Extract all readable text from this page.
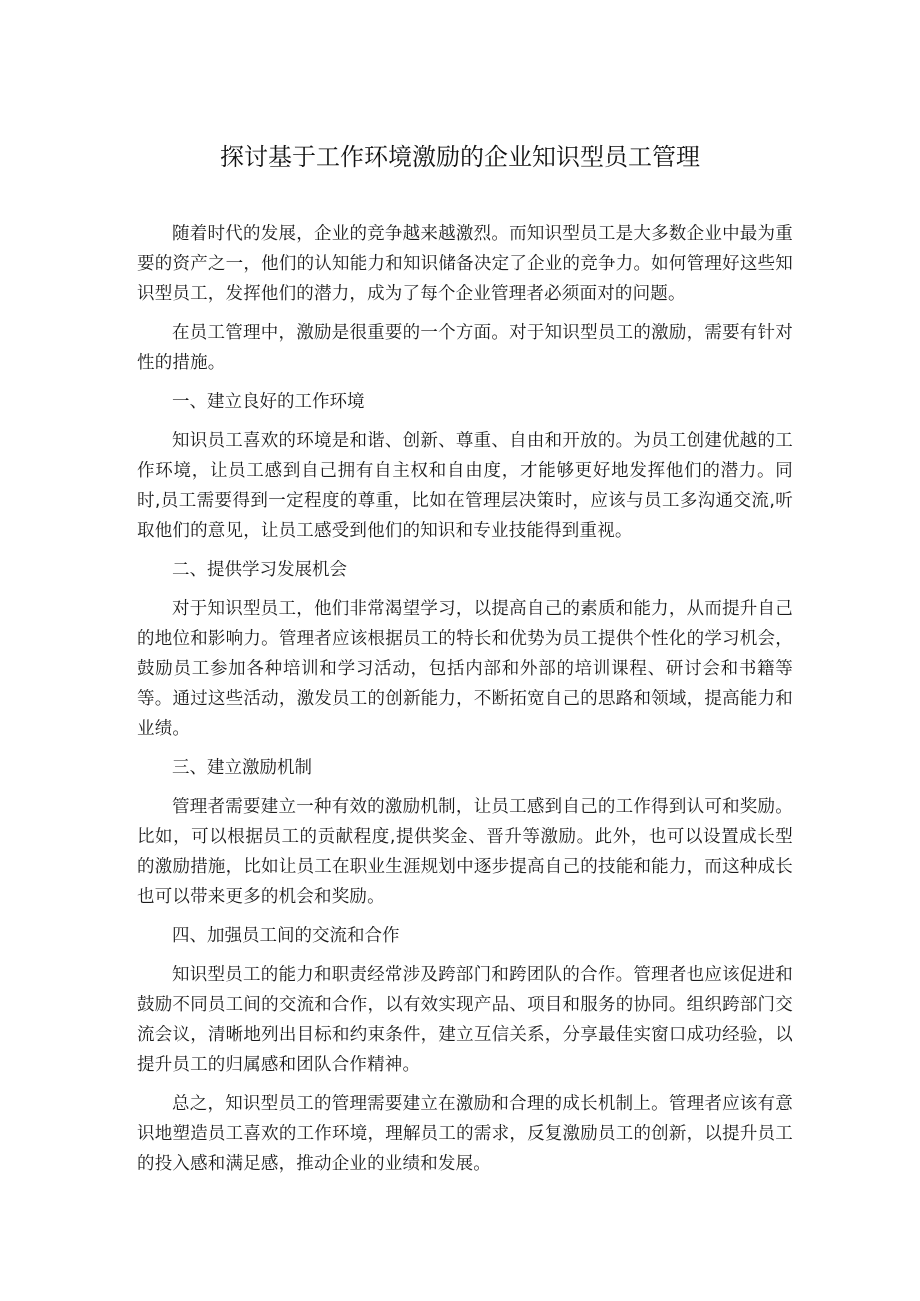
探讨基于工作环境激励的企业知识型员工管理

随着时代的发展，企业的竞争越来越激烈。而知识型员工是大多数企业中最为重要的资产之一，他们的认知能力和知识储备决定了企业的竞争力。如何管理好这些知识型员工，发挥他们的潜力，成为了每个企业管理者必须面对的问题。

在员工管理中，激励是很重要的一个方面。对于知识型员工的激励，需要有针对性的措施。

一、建立良好的工作环境

知识员工喜欢的环境是和谐、创新、尊重、自由和开放的。为员工创建优越的工作环境，让员工感到自己拥有自主权和自由度，才能够更好地发挥他们的潜力。同时,员工需要得到一定程度的尊重，比如在管理层决策时，应该与员工多沟通交流,听取他们的意见，让员工感受到他们的知识和专业技能得到重视。

二、提供学习发展机会

对于知识型员工，他们非常渴望学习，以提高自己的素质和能力，从而提升自己的地位和影响力。管理者应该根据员工的特长和优势为员工提供个性化的学习机会，鼓励员工参加各种培训和学习活动，包括内部和外部的培训课程、研讨会和书籍等等。通过这些活动，激发员工的创新能力，不断拓宽自己的思路和领域，提高能力和业绩。

三、建立激励机制

管理者需要建立一种有效的激励机制，让员工感到自己的工作得到认可和奖励。比如，可以根据员工的贡献程度,提供奖金、晋升等激励。此外，也可以设置成长型的激励措施，比如让员工在职业生涯规划中逐步提高自己的技能和能力，而这种成长也可以带来更多的机会和奖励。

四、加强员工间的交流和合作

知识型员工的能力和职责经常涉及跨部门和跨团队的合作。管理者也应该促进和鼓励不同员工间的交流和合作，以有效实现产品、项目和服务的协同。组织跨部门交流会议，清晰地列出目标和约束条件，建立互信关系，分享最佳实窗口成功经验，以提升员工的归属感和团队合作精神。

总之，知识型员工的管理需要建立在激励和合理的成长机制上。管理者应该有意识地塑造员工喜欢的工作环境，理解员工的需求，反复激励员工的创新，以提升员工的投入感和满足感，推动企业的业绩和发展。
